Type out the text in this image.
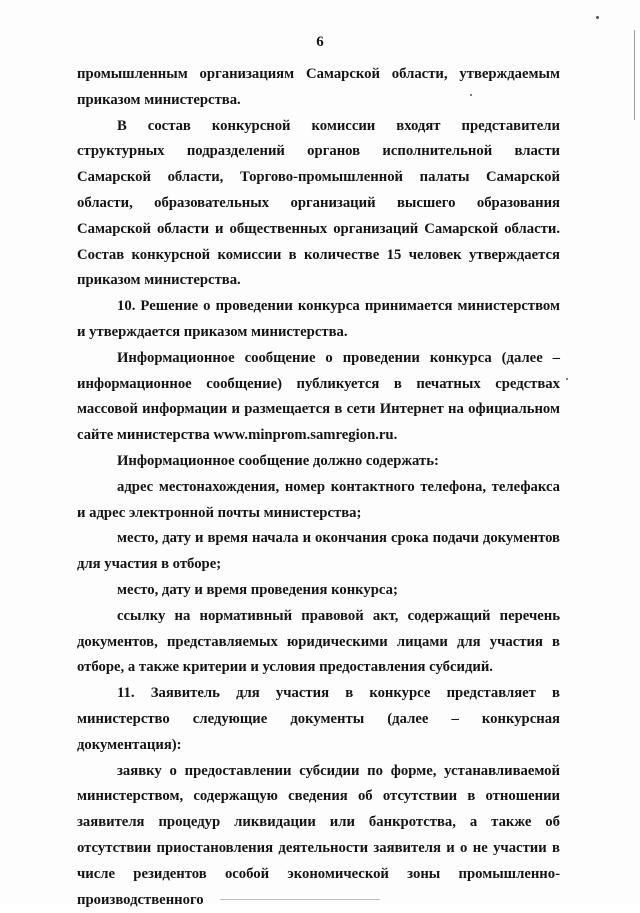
6

промышленным организациям Самарской области, утверждаемым приказом министерства.

В состав конкурсной комиссии входят представители структурных подразделений органов исполнительной власти Самарской области, Торгово-промышленной палаты Самарской области, образовательных организаций высшего образования Самарской области и общественных организаций Самарской области. Состав конкурсной комиссии в количестве 15 человек утверждается приказом министерства.

10. Решение о проведении конкурса принимается министерством и утверждается приказом министерства.

Информационное сообщение о проведении конкурса (далее – информационное сообщение) публикуется в печатных средствах массовой информации и размещается в сети Интернет на официальном сайте министерства www.minprom.samregion.ru.

Информационное сообщение должно содержать:

адрес местонахождения, номер контактного телефона, телефакса и адрес электронной почты министерства;

место, дату и время начала и окончания срока подачи документов для участия в отборе;

место, дату и время проведения конкурса;

ссылку на нормативный правовой акт, содержащий перечень документов, представляемых юридическими лицами для участия в отборе, а также критерии и условия предоставления субсидий.

11. Заявитель для участия в конкурсе представляет в министерство следующие документы (далее – конкурсная документация):

заявку о предоставлении субсидии по форме, устанавливаемой министерством, содержащую сведения об отсутствии в отношении заявителя процедур ликвидации или банкротства, а также об отсутствии приостановления деятельности заявителя и о не участии в числе резидентов особой экономической зоны промышленно-производственного
